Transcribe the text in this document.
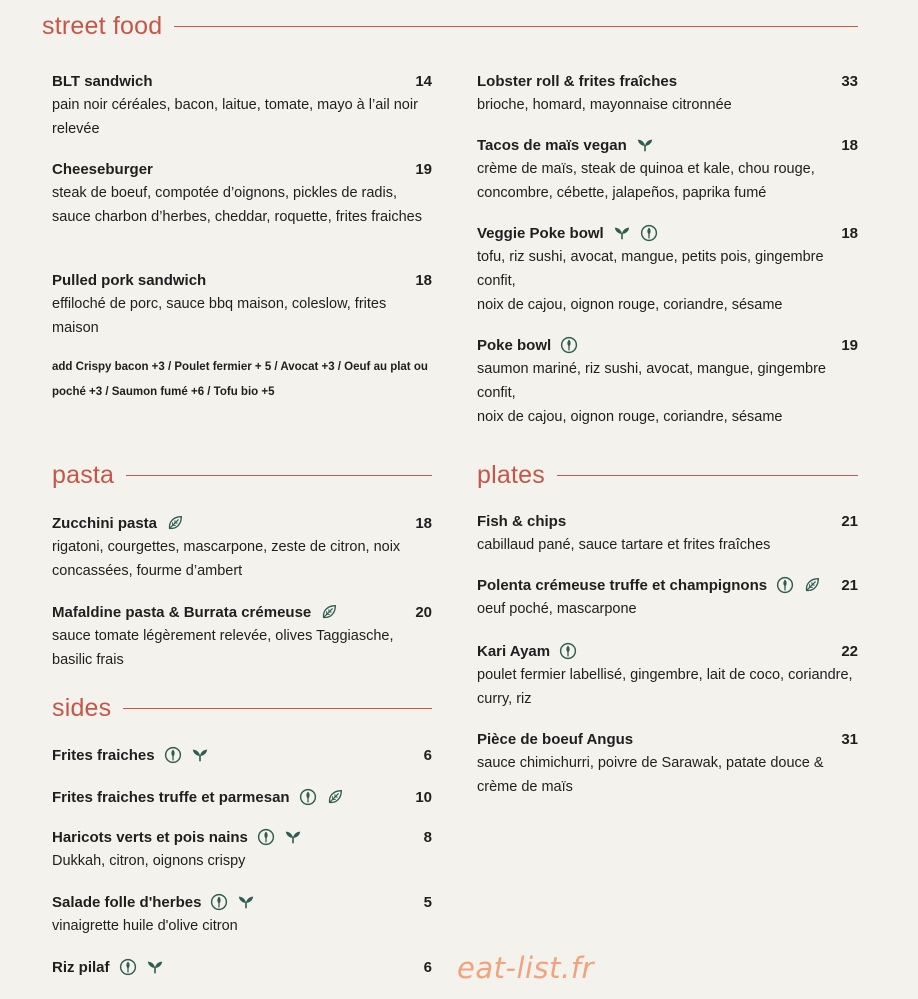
street food
BLT sandwich	14
pain noir céréales, bacon, laitue, tomate, mayo à l’ail noir relevée
Cheeseburger	19
steak de boeuf, compotée d’oignons, pickles de radis, sauce charbon d’herbes, cheddar, roquette, frites fraiches
Pulled pork sandwich	18
effiloché de porc, sauce bbq maison, coleslow, frites maison
add Crispy bacon +3 / Poulet fermier + 5 / Avocat +3 / Oeuf au plat ou poché +3 / Saumon fumé +6 / Tofu bio +5
Lobster roll & frites fraîches	33
brioche, homard, mayonnaise citronnée
Tacos de maïs vegan	18
crème de maïs, steak de quinoa et kale, chou rouge, concombre, cébette, jalapeños, paprika fumé
Veggie Poke bowl	18
tofu, riz sushi, avocat, mangue, petits pois, gingembre confit,
noix de cajou, oignon rouge, coriandre, sésame
Poke bowl	19
saumon mariné, riz sushi, avocat, mangue, gingembre confit,
noix de cajou, oignon rouge, coriandre, sésame
pasta
Zucchini pasta	18
rigatoni, courgettes, mascarpone, zeste de citron, noix concassées, fourme d’ambert
Mafaldine pasta & Burrata crémeuse	20
sauce tomate légèrement relevée, olives Taggiasche, basilic frais
plates
Fish & chips	21
cabillaud pané, sauce tartare et frites fraîches
Polenta crémeuse truffe et champignons	21
oeuf poché, mascarpone
Kari Ayam	22
poulet fermier labellisé, gingembre, lait de coco, coriandre, curry, riz
Pièce de boeuf Angus	31
sauce chimichurri, poivre de Sarawak, patate douce & crème de maïs
sides
Frites fraiches	6
Frites fraiches truffe et parmesan	10
Haricots verts et pois nains	8
Dukkah, citron, oignons crispy
Salade folle d'herbes	5
vinaigrette huile d'olive citron
Riz pilaf	6 eat-list.fr
